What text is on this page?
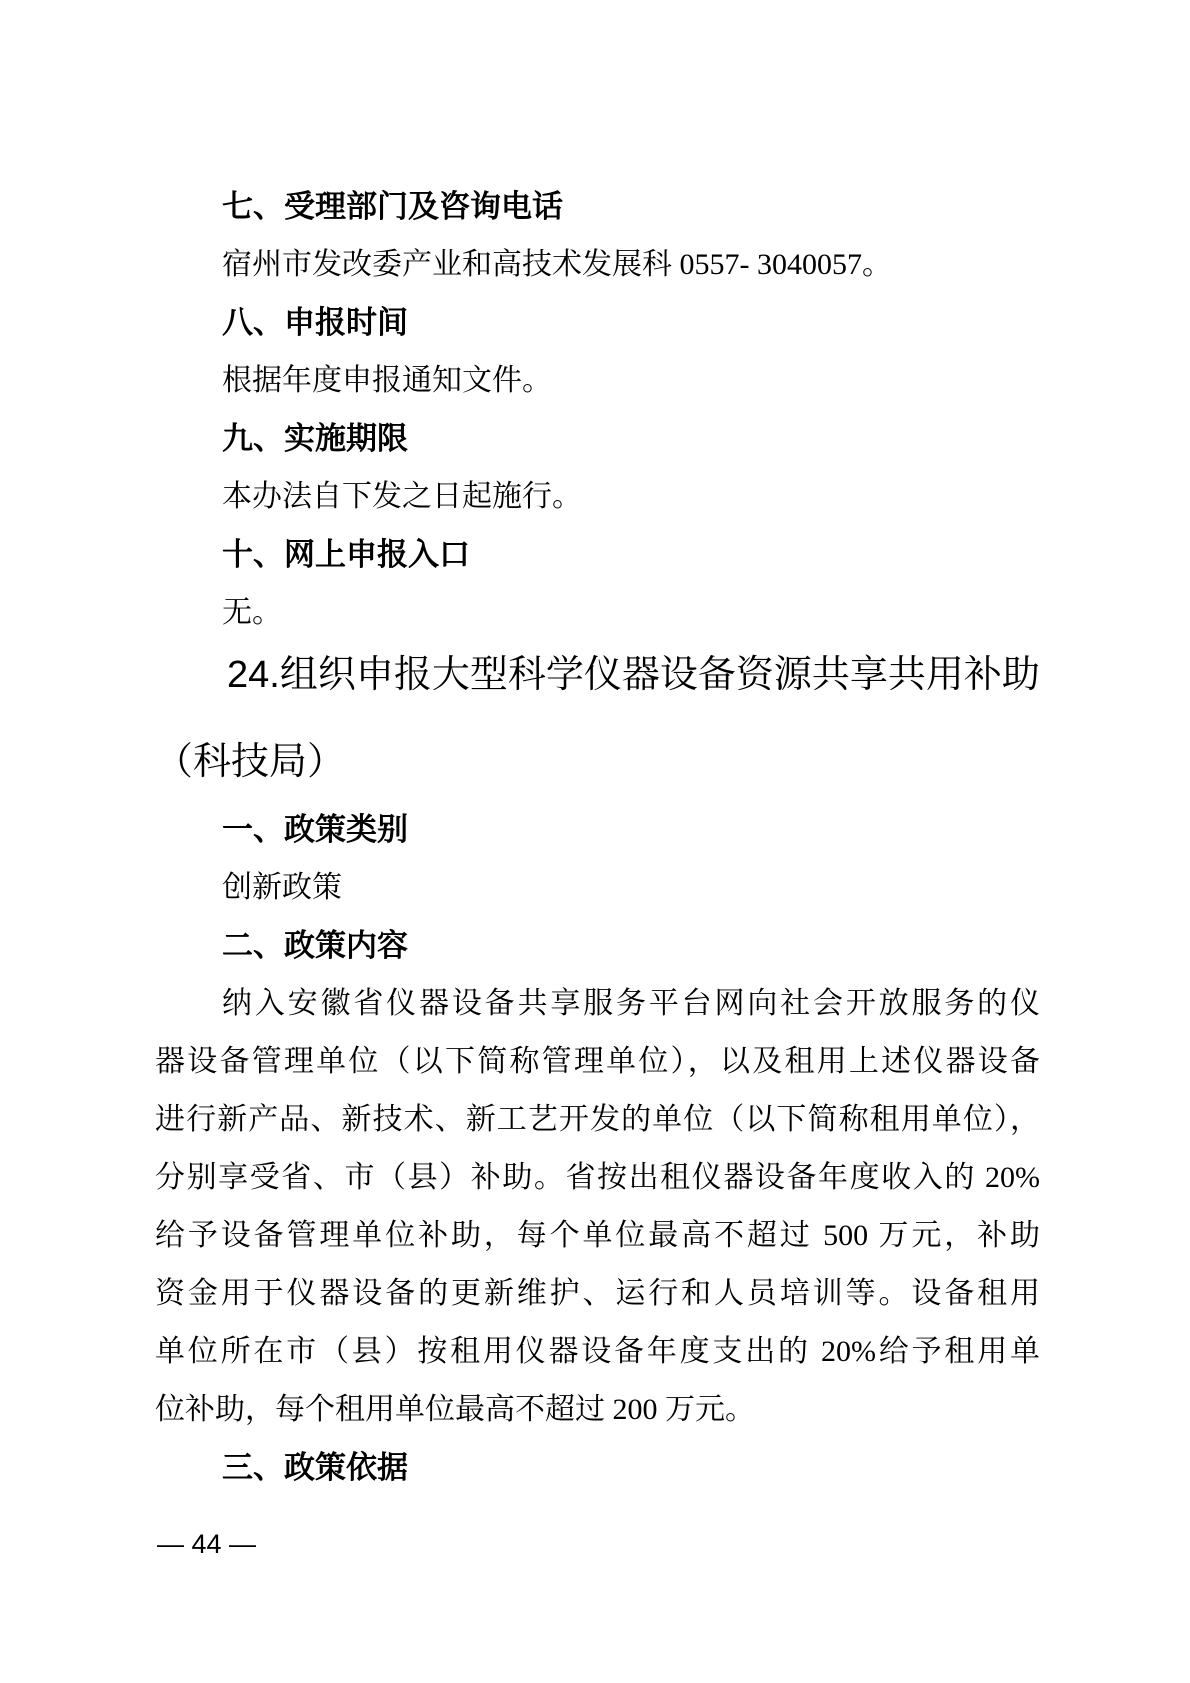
七、受理部门及咨询电话
宿州市发改委产业和高技术发展科 0557- 3040057。
八、申报时间
根据年度申报通知文件。
九、实施期限
本办法自下发之日起施行。
十、网上申报入口
无。
24.组织申报大型科学仪器设备资源共享共用补助
（科技局）
一、政策类别
创新政策
二、政策内容
纳入安徽省仪器设备共享服务平台网向社会开放服务的仪
器设备管理单位（以下简称管理单位），以及租用上述仪器设备
进行新产品、新技术、新工艺开发的单位（以下简称租用单位），
分别享受省、市（县）补助。省按出租仪器设备年度收入的 20%
给予设备管理单位补助，每个单位最高不超过 500 万元，补助
资金用于仪器设备的更新维护、运行和人员培训等。设备租用
单位所在市（县）按租用仪器设备年度支出的 20%给予租用单
位补助，每个租用单位最高不超过 200 万元。
三、政策依据
— 44 —
